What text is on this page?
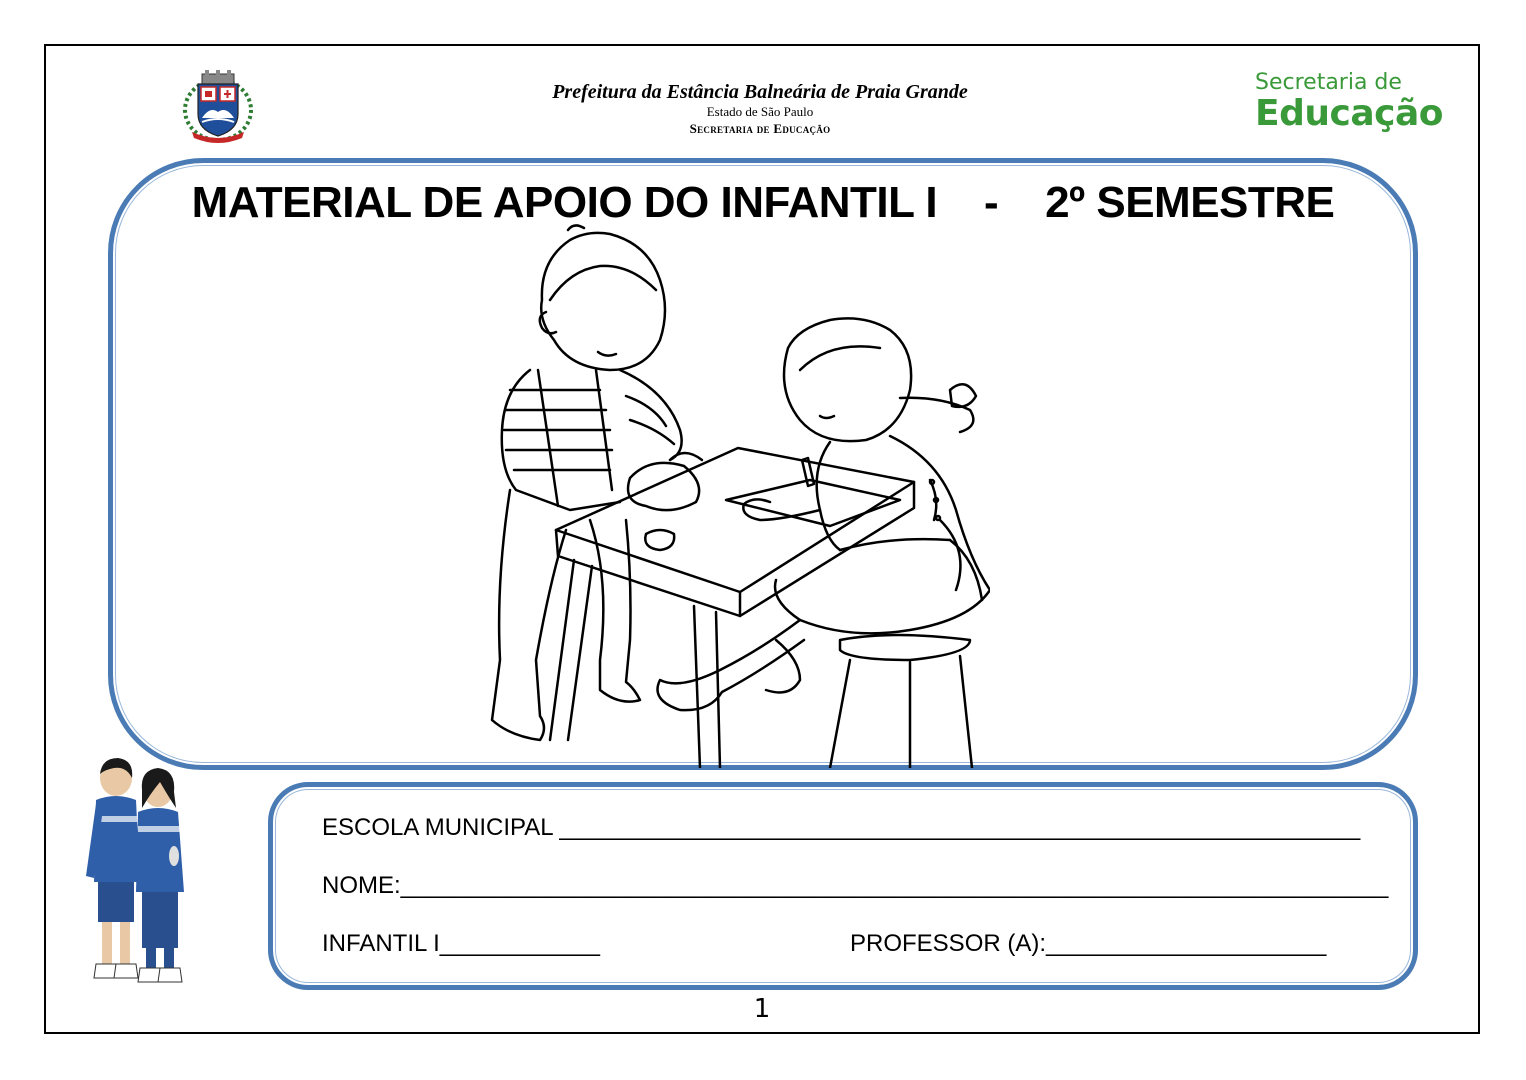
Prefeitura da Estância Balneária de Praia Grande
Estado de São Paulo
Secretaria de Educação
Secretaria de
Educação
MATERIAL DE APOIO DO INFANTIL I    -    2º SEMESTRE
ESCOLA MUNICIPAL ____________________________________________________________
NOME:__________________________________________________________________________
INFANTIL I____________	PROFESSOR (A):_____________________
1
